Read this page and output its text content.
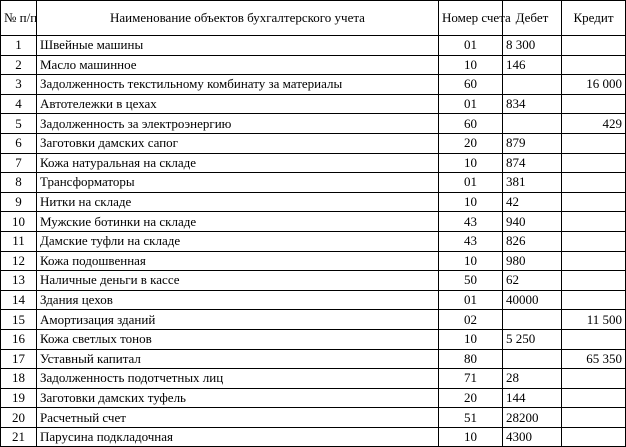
№ п/п	Наименование объектов бухгалтерского учета	Номер счета	Дебет	Кредит
1	Швейные машины	01	8 300	
2	Масло машинное	10	146	
3	Задолженность текстильному комбинату за материалы	60		16 000
4	Автотележки в цехах	01	834	
5	Задолженность за электроэнергию	60		429
6	Заготовки дамских сапог	20	879	
7	Кожа натуральная на складе	10	874	
8	Трансформаторы	01	381	
9	Нитки на складе	10	42	
10	Мужские ботинки на складе	43	940	
11	Дамские туфли на складе	43	826	
12	Кожа подошвенная	10	980	
13	Наличные деньги в кассе	50	62	
14	Здания цехов	01	40000	
15	Амортизация зданий	02		11 500
16	Кожа светлых тонов	10	5 250	
17	Уставный капитал	80		65 350
18	Задолженность подотчетных лиц	71	28	
19	Заготовки дамских туфель	20	144	
20	Расчетный счет	51	28200	
21	Парусина подкладочная	10	4300	
